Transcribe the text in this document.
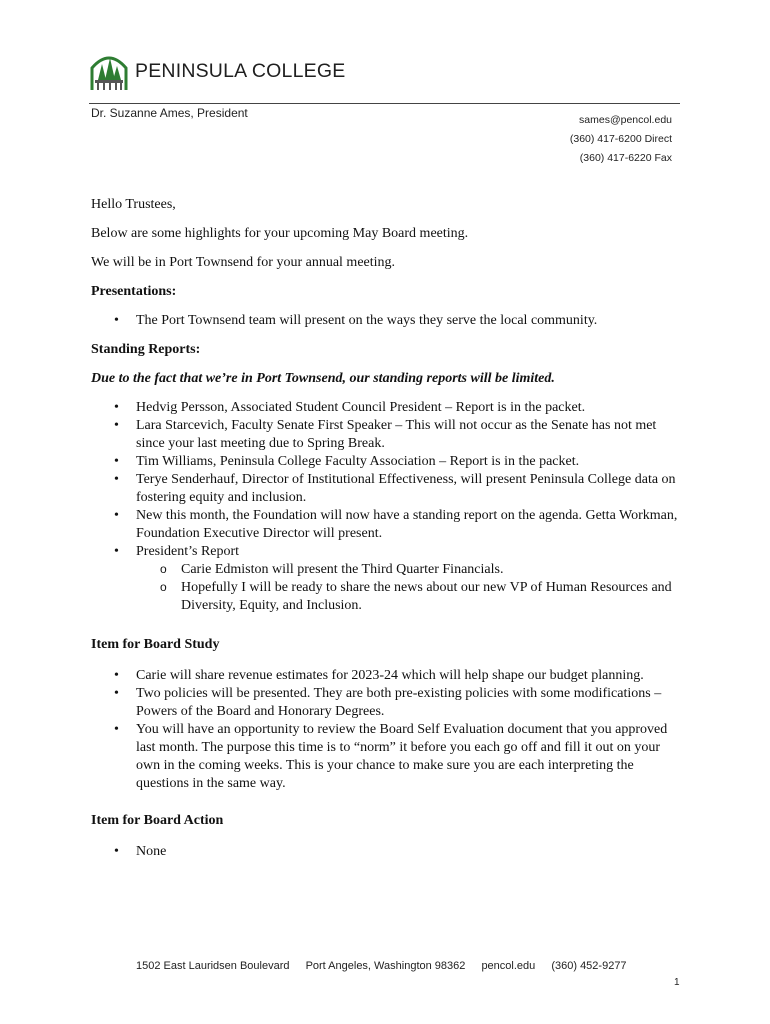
PENINSULA COLLEGE
Dr. Suzanne Ames, President	sames@pencol.edu
(360) 417-6200 Direct
(360) 417-6220 Fax

Hello Trustees,

Below are some highlights for your upcoming May Board meeting.

We will be in Port Townsend for your annual meeting.

Presentations:

• The Port Townsend team will present on the ways they serve the local community.

Standing Reports:

Due to the fact that we’re in Port Townsend, our standing reports will be limited.

• Hedvig Persson, Associated Student Council President – Report is in the packet.
• Lara Starcevich, Faculty Senate First Speaker – This will not occur as the Senate has not met since your last meeting due to Spring Break.
• Tim Williams, Peninsula College Faculty Association – Report is in the packet.
• Terye Senderhauf, Director of Institutional Effectiveness, will present Peninsula College data on fostering equity and inclusion.
• New this month, the Foundation will now have a standing report on the agenda. Getta Workman, Foundation Executive Director will present.
• President’s Report
o Carie Edmiston will present the Third Quarter Financials.
o Hopefully I will be ready to share the news about our new VP of Human Resources and Diversity, Equity, and Inclusion.

Item for Board Study

• Carie will share revenue estimates for 2023-24 which will help shape our budget planning.
• Two policies will be presented. They are both pre-existing policies with some modifications – Powers of the Board and Honorary Degrees.
• You will have an opportunity to review the Board Self Evaluation document that you approved last month. The purpose this time is to “norm” it before you each go off and fill it out on your own in the coming weeks. This is your chance to make sure you are each interpreting the questions in the same way.

Item for Board Action

• None
1502 East Lauridsen Boulevard Port Angeles, Washington 98362 pencol.edu (360) 452-9277
1
